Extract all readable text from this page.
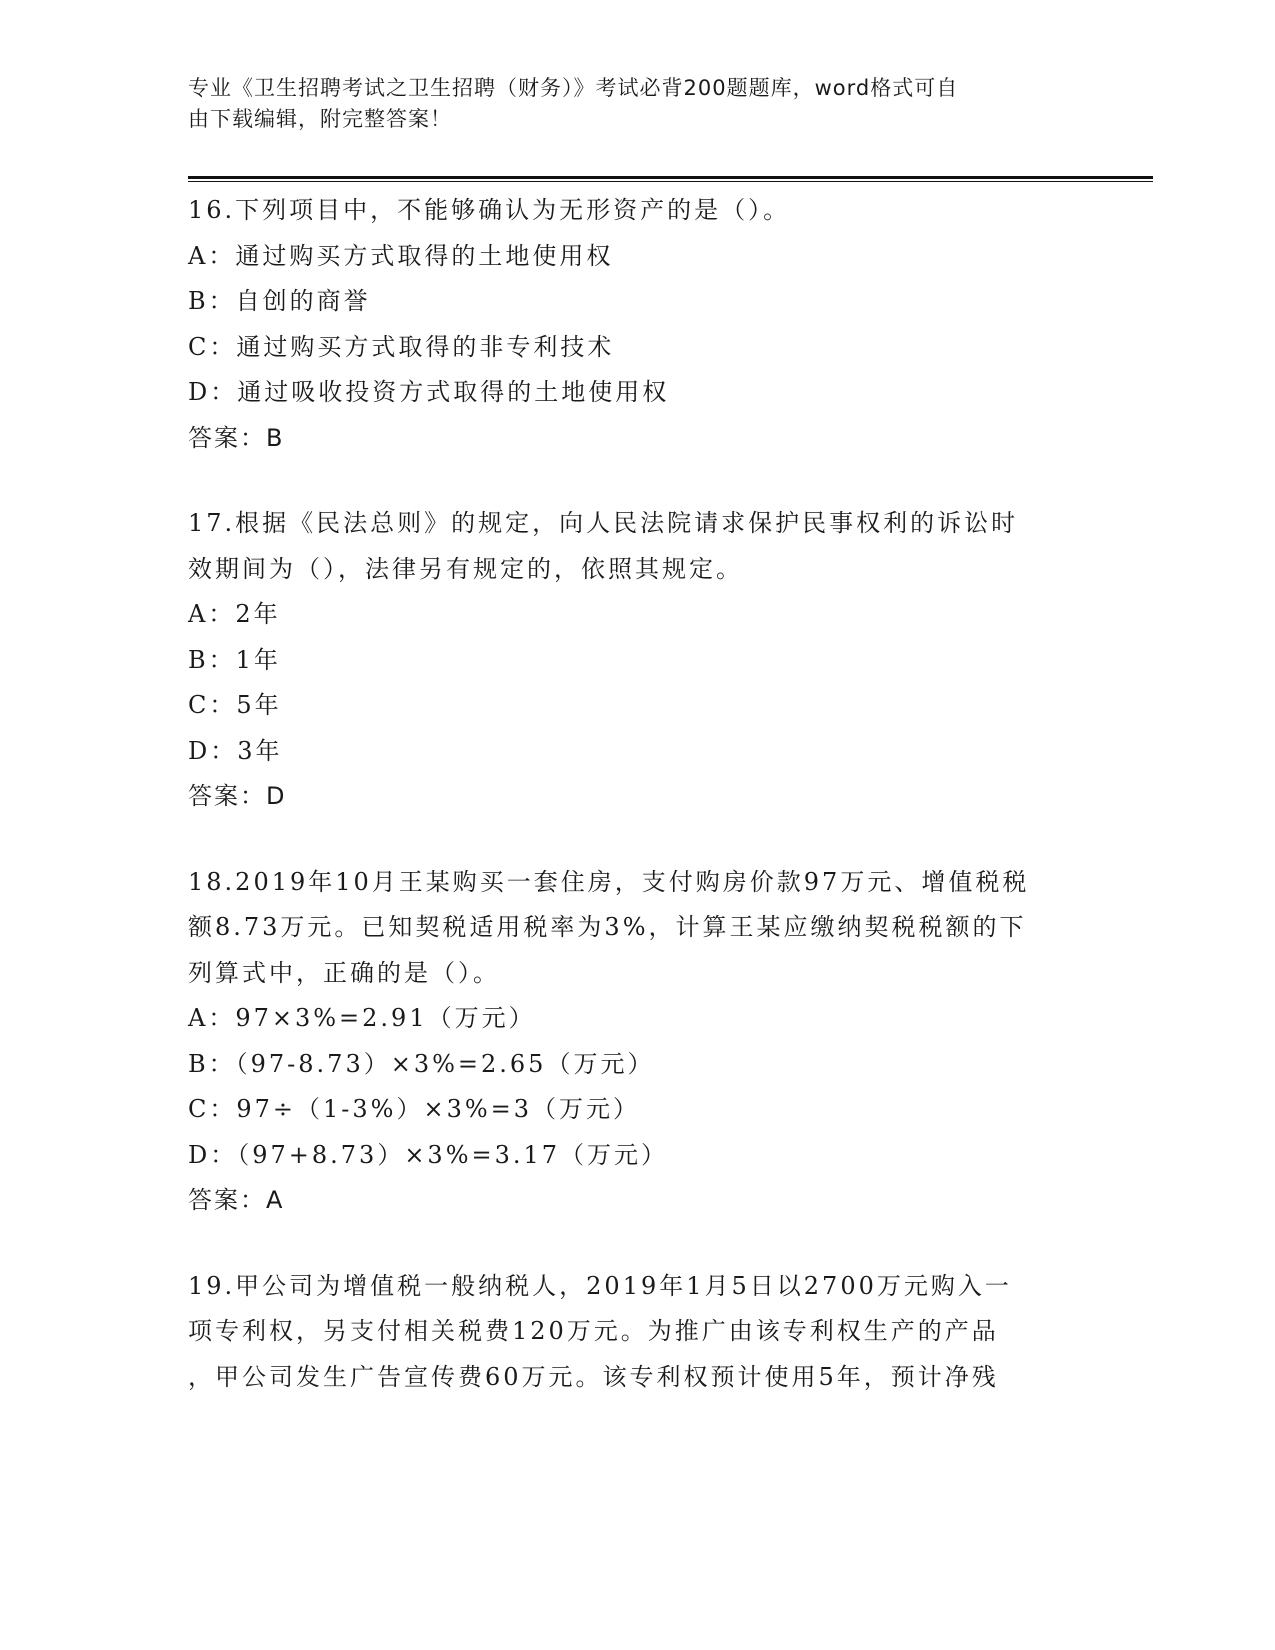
专业《卫生招聘考试之卫生招聘（财务）》考试必背200题题库，word格式可自
由下载编辑，附完整答案！
16.下列项目中，不能够确认为无形资产的是（）。
A：通过购买方式取得的土地使用权
B：自创的商誉
C：通过购买方式取得的非专利技术
D：通过吸收投资方式取得的土地使用权
答案：B
17.根据《民法总则》的规定，向人民法院请求保护民事权利的诉讼时
效期间为（），法律另有规定的，依照其规定。
A：2年
B：1年
C：5年
D：3年
答案：D
18.2019年10月王某购买一套住房，支付购房价款97万元、增值税税
额8.73万元。已知契税适用税率为3%，计算王某应缴纳契税税额的下
列算式中，正确的是（）。
A：97×3%=2.91（万元）
B：（97-8.73）×3%=2.65（万元）
C：97÷（1-3%）×3%=3（万元）
D：（97+8.73）×3%=3.17（万元）
答案：A
19.甲公司为增值税一般纳税人，2019年1月5日以2700万元购入一
项专利权，另支付相关税费120万元。为推广由该专利权生产的产品
，甲公司发生广告宣传费60万元。该专利权预计使用5年，预计净残
